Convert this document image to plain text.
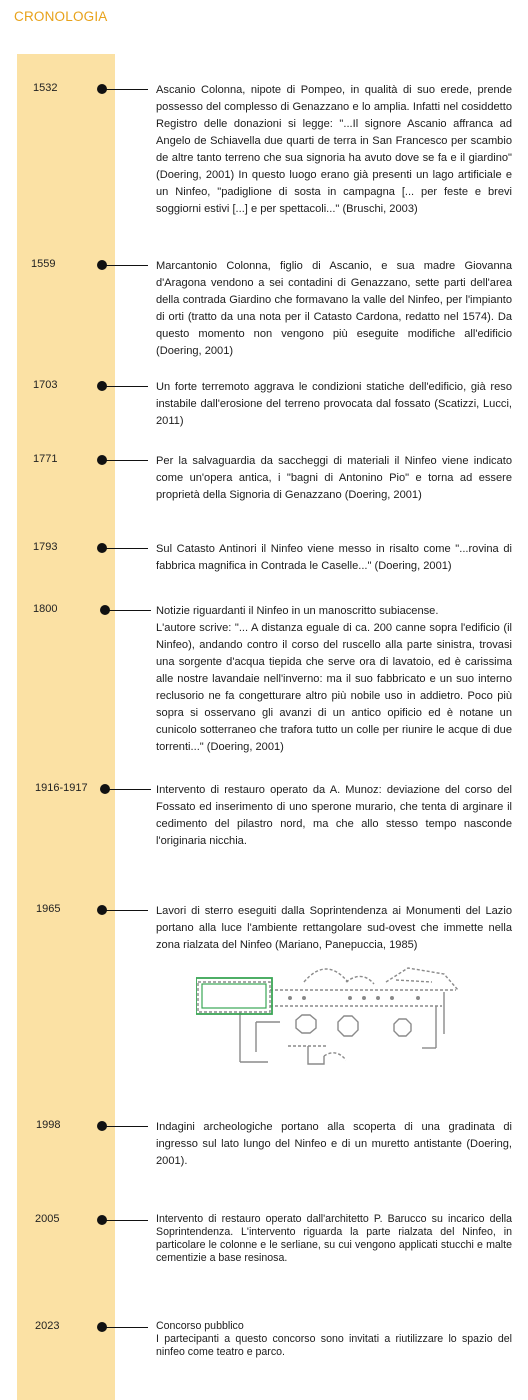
CRONOLOGIA
1532	Ascanio Colonna, nipote di Pompeo, in qualità di suo erede, prende possesso del complesso di Genazzano e lo amplia. Infatti nel cosiddetto Registro delle donazioni si legge: "...Il signore Ascanio affranca ad Angelo de Schiavella due quarti de terra in San Francesco per scambio de altre tanto terreno che sua signoria ha avuto dove se fa e il giardino" (Doering, 2001) In questo luogo erano già presenti un lago artificiale e un Ninfeo, "padiglione di sosta in campagna [... per feste e brevi soggiorni estivi [...] e per spettacoli..." (Bruschi, 2003)
1559	Marcantonio Colonna, figlio di Ascanio, e sua madre Giovanna d'Aragona vendono a sei contadini di Genazzano, sette parti dell'area della contrada Giardino che formavano la valle del Ninfeo, per l'impianto di orti (tratto da una nota per il Catasto Cardona, redatto nel 1574). Da questo momento non vengono più eseguite modifiche all'edificio (Doering, 2001)
1703	Un forte terremoto aggrava le condizioni statiche dell'edificio, già reso instabile dall'erosione del terreno provocata dal fossato (Scatizzi, Lucci, 2011)
1771	Per la salvaguardia da saccheggi di materiali il Ninfeo viene indicato come un'opera antica, i "bagni di Antonino Pio" e torna ad essere proprietà della Signoria di Genazzano (Doering, 2001)
1793	Sul Catasto Antinori il Ninfeo viene messo in risalto come "...rovina di fabbrica magnifica in Contrada le Caselle..." (Doering, 2001)
1800	Notizie riguardanti il Ninfeo in un manoscritto subiacense.
L'autore scrive: "... A distanza eguale di ca. 200 canne sopra l'edificio (il Ninfeo), andando contro il corso del ruscello alla parte sinistra, trovasi una sorgente d'acqua tiepida che serve ora di lavatoio, ed è carissima alle nostre lavandaie nell'inverno: ma il suo fabbricato e un suo interno reclusorio ne fa congetturare altro più nobile uso in addietro. Poco più sopra si osservano gli avanzi di un antico opificio ed è notane un cunicolo sotterraneo che trafora tutto un colle per riunire le acque di due torrenti..." (Doering, 2001)
1916-1917	Intervento di restauro operato da A. Munoz: deviazione del corso del Fossato ed inserimento di uno sperone murario, che tenta di arginare il cedimento del pilastro nord, ma che allo stesso tempo nasconde l'originaria nicchia.
1965	Lavori di sterro eseguiti dalla Soprintendenza ai Monumenti del Lazio portano alla luce l'ambiente rettangolare sud-ovest che immette nella zona rialzata del Ninfeo (Mariano, Panepuccia, 1985)
1998	Indagini archeologiche portano alla scoperta di una gradinata di ingresso sul lato lungo del Ninfeo e di un muretto antistante (Doering, 2001).
2005	Intervento di restauro operato dall'architetto P. Barucco su incarico della Soprintendenza. L'intervento riguarda la parte rialzata del Ninfeo, in particolare le colonne e le serliane, su cui vengono applicati stucchi e malte cementizie a base resinosa.
2023	Concorso pubblico
I partecipanti a questo concorso sono invitati a riutilizzare lo spazio del ninfeo come teatro e parco.
